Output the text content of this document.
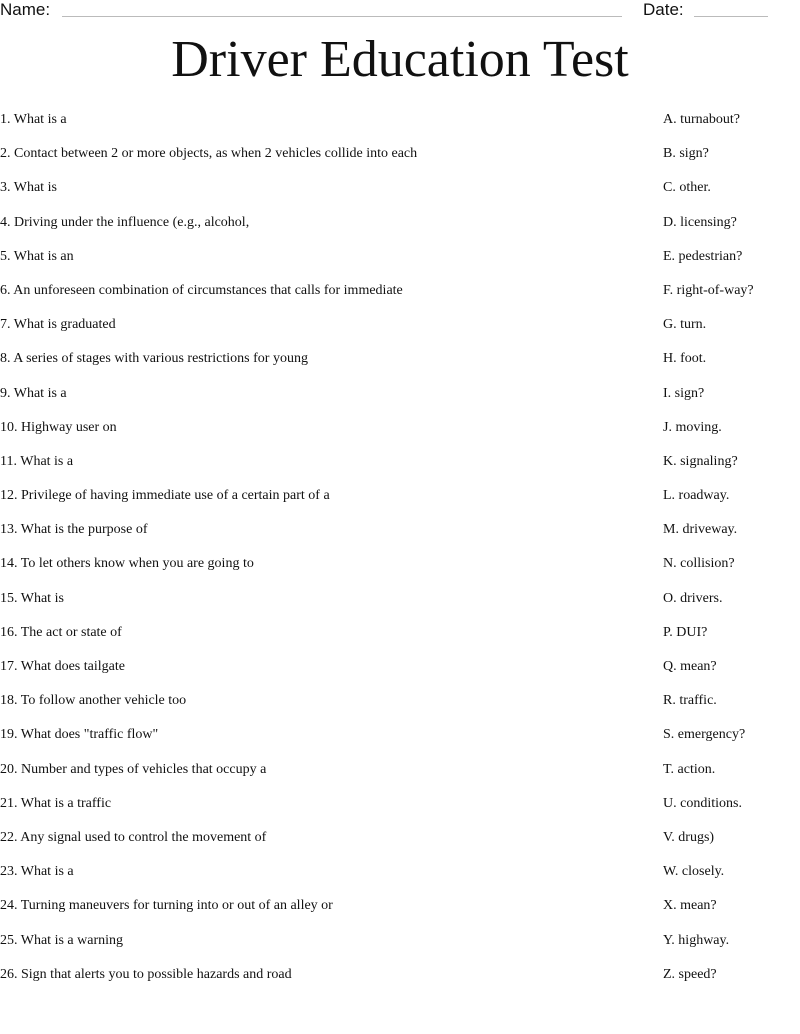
Name:	Date:
Driver Education Test
1. What is a	A. turnabout?
2. Contact between 2 or more objects, as when 2 vehicles collide into each	B. sign?
3. What is	C. other.
4. Driving under the influence (e.g., alcohol,	D. licensing?
5. What is an	E. pedestrian?
6. An unforeseen combination of circumstances that calls for immediate	F. right-of-way?
7. What is graduated	G. turn.
8. A series of stages with various restrictions for young	H. foot.
9. What is a	I. sign?
10. Highway user on	J. moving.
11. What is a	K. signaling?
12. Privilege of having immediate use of a certain part of a	L. roadway.
13. What is the purpose of	M. driveway.
14. To let others know when you are going to	N. collision?
15. What is	O. drivers.
16. The act or state of	P. DUI?
17. What does tailgate	Q. mean?
18. To follow another vehicle too	R. traffic.
19. What does "traffic flow"	S. emergency?
20. Number and types of vehicles that occupy a	T. action.
21. What is a traffic	U. conditions.
22. Any signal used to control the movement of	V. drugs)
23. What is a	W. closely.
24. Turning maneuvers for turning into or out of an alley or	X. mean?
25. What is a warning	Y. highway.
26. Sign that alerts you to possible hazards and road	Z. speed?
